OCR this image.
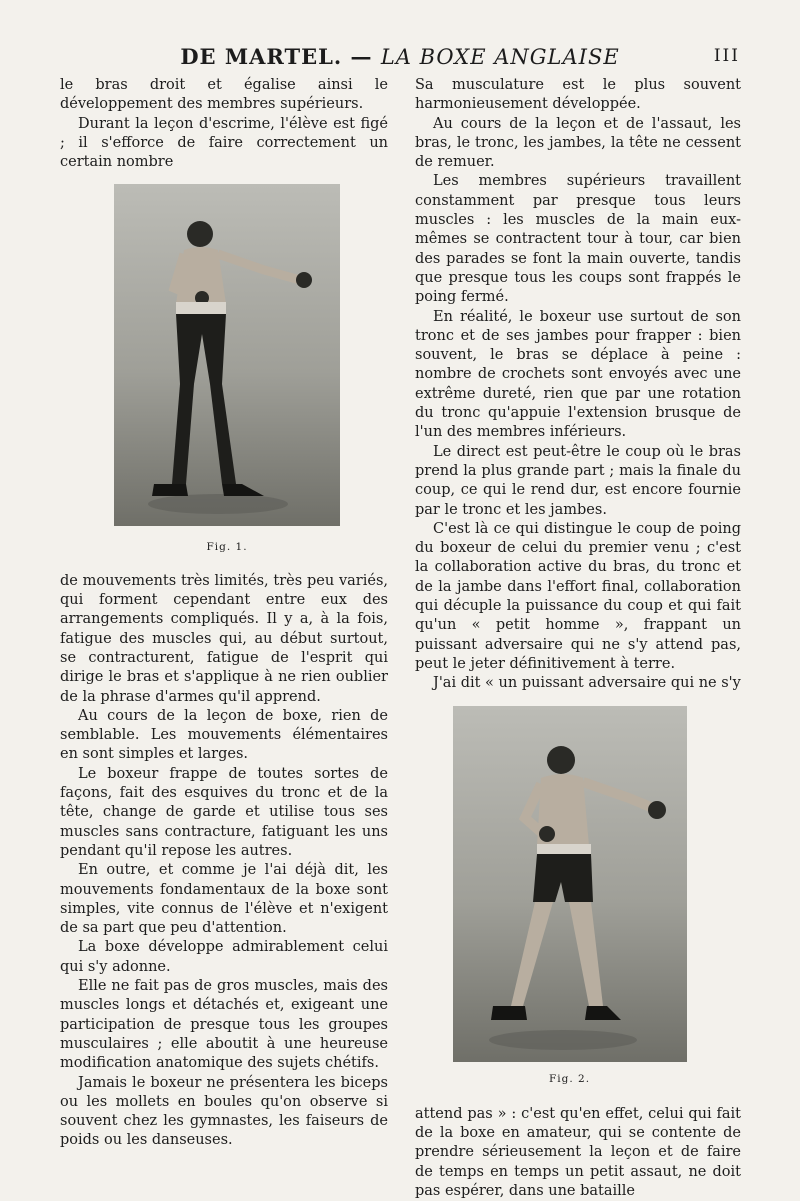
DE MARTEL. — LA BOXE ANGLAISE	III

le bras droit et égalise ainsi le développement des membres supérieurs.

Durant la leçon d'escrime, l'élève est figé ; il s'efforce de faire correctement un certain nombre

Fig. 1.

de mouvements très limités, très peu variés, qui forment cependant entre eux des arrangements compliqués. Il y a, à la fois, fatigue des muscles qui, au début surtout, se contracturent, fatigue de l'esprit qui dirige le bras et s'applique à ne rien oublier de la phrase d'armes qu'il apprend.

Au cours de la leçon de boxe, rien de semblable. Les mouvements élémentaires en sont simples et larges.

Le boxeur frappe de toutes sortes de façons, fait des esquives du tronc et de la tête, change de garde et utilise tous ses muscles sans contracture, fatiguant les uns pendant qu'il repose les autres.

En outre, et comme je l'ai déjà dit, les mouvements fondamentaux de la boxe sont simples, vite connus de l'élève et n'exigent de sa part que peu d'attention.

La boxe développe admirablement celui qui s'y adonne.

Elle ne fait pas de gros muscles, mais des muscles longs et détachés et, exigeant une participation de presque tous les groupes musculaires ; elle aboutit à une heureuse modification anatomique des sujets chétifs.

Jamais le boxeur ne présentera les biceps ou les mollets en boules qu'on observe si souvent chez les gymnastes, les faiseurs de poids ou les danseuses.

Sa musculature est le plus souvent harmonieusement développée.

Au cours de la leçon et de l'assaut, les bras, le tronc, les jambes, la tête ne cessent de remuer.

Les membres supérieurs travaillent constamment par presque tous leurs muscles : les muscles de la main eux-mêmes se contractent tour à tour, car bien des parades se font la main ouverte, tandis que presque tous les coups sont frappés le poing fermé.

En réalité, le boxeur use surtout de son tronc et de ses jambes pour frapper : bien souvent, le bras se déplace à peine : nombre de crochets sont envoyés avec une extrême dureté, rien que par une rotation du tronc qu'appuie l'extension brusque de l'un des membres inférieurs.

Le direct est peut-être le coup où le bras prend la plus grande part ; mais la finale du coup, ce qui le rend dur, est encore fournie par le tronc et les jambes.

C'est là ce qui distingue le coup de poing du boxeur de celui du premier venu ; c'est la collaboration active du bras, du tronc et de la jambe dans l'effort final, collaboration qui décuple la puissance du coup et qui fait qu'un « petit homme », frappant un puissant adversaire qui ne s'y attend pas, peut le jeter définitivement à terre.

J'ai dit « un puissant adversaire qui ne s'y

Fig. 2.

attend pas » : c'est qu'en effet, celui qui fait de la boxe en amateur, qui se contente de prendre sérieusement la leçon et de faire de temps en temps un petit assaut, ne doit pas espérer, dans une bataille
